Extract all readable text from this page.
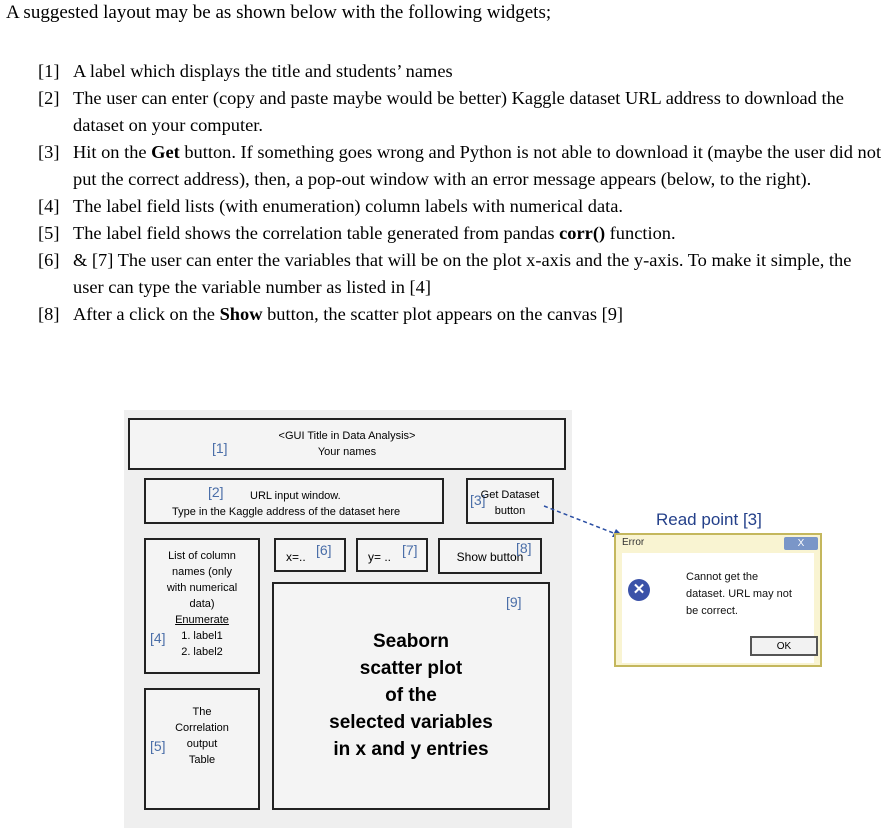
A suggested layout may be as shown below with the following widgets;
[1] A label which displays the title and students’ names
[2] The user can enter (copy and paste maybe would be better) Kaggle dataset URL address to download the dataset on your computer.
[3] Hit on the Get button. If something goes wrong and Python is not able to download it (maybe the user did not put the correct address), then, a pop-out window with an error message appears (below, to the right).
[4] The label field lists (with enumeration) column labels with numerical data.
[5] The label field shows the correlation table generated from pandas corr() function.
[6] & [7] The user can enter the variables that will be on the plot x-axis and the y-axis. To make it simple, the user can type the variable number as listed in [4]
[8] After a click on the Show button, the scatter plot appears on the canvas [9]
<GUI Title in Data Analysis>
Your names
[1]
[2] URL input window.
Type in the Kaggle address of the dataset here
[3]
Get Dataset
button
List of column
names (only
with numerical
data)
Enumerate
1. label1
2. label2
[4]
The
Correlation
output
Table
[5]
x=.. [6]	y= .. [7]	Show button
[8]
[9]
Seaborn
scatter plot
of the
selected variables
in x and y entries
Read point [3]
Error	X
✕
Cannot get the
dataset. URL may not
be correct.
OK
